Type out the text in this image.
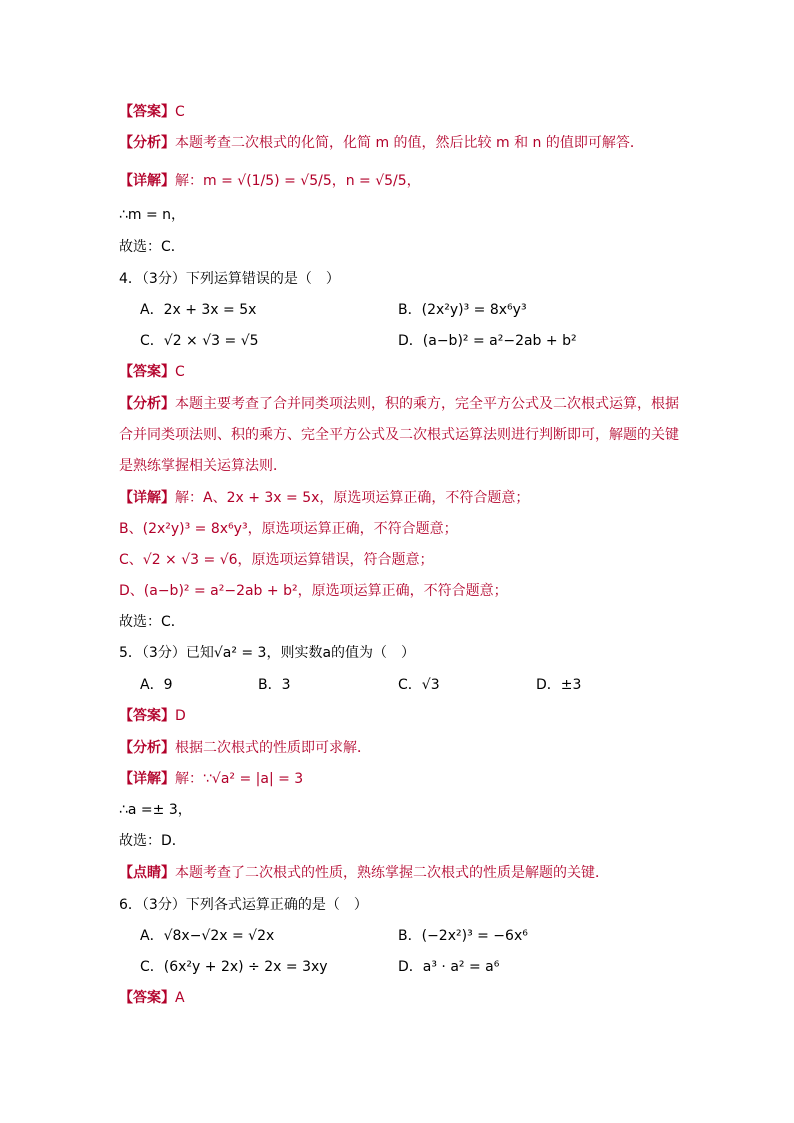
【答案】C
【分析】本题考查二次根式的化简，化简 m 的值，然后比较 m 和 n 的值即可解答．
【详解】解：m = √(1/5) = √5/5，n = √5/5，
∴m = n，
故选：C．
4．（3分）下列运算错误的是（　）
A．2x + 3x = 5x	B．(2x²y)³ = 8x⁶y³
C．√2 × √3 = √5	D．(a−b)² = a²−2ab + b²
【答案】C
【分析】本题主要考查了合并同类项法则，积的乘方，完全平方公式及二次根式运算，根据
合并同类项法则、积的乘方、完全平方公式及二次根式运算法则进行判断即可，解题的关键
是熟练掌握相关运算法则．
【详解】解：A、2x + 3x = 5x，原选项运算正确，不符合题意；
B、(2x²y)³ = 8x⁶y³，原选项运算正确，不符合题意；
C、√2 × √3 = √6，原选项运算错误，符合题意；
D、(a−b)² = a²−2ab + b²，原选项运算正确，不符合题意；
故选：C．
5．（3分）已知√a² = 3，则实数a的值为（　）
A．9	B．3	C．√3	D．±3
【答案】D
【分析】根据二次根式的性质即可求解．
【详解】解：∵√a² = |a| = 3
∴a =± 3，
故选：D．
【点睛】本题考查了二次根式的性质，熟练掌握二次根式的性质是解题的关键．
6．（3分）下列各式运算正确的是（　）
A．√8x−√2x = √2x	B．(−2x²)³ = −6x⁶
C．(6x²y + 2x) ÷ 2x = 3xy	D．a³ · a² = a⁶
【答案】A
